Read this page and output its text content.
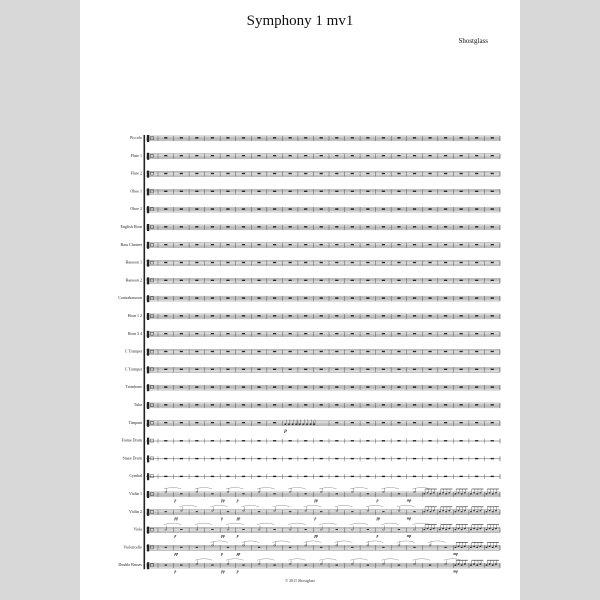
Symphony 1 mv1
Shostglass
Piccolo
Flute 1
Flute 2
Oboe 1
Oboe 2
English Horn
Bass Clarinet
Bassoon 1
Bassoon 2
Contrabassoon
Horn 1 2
Horn 3 4
C Trumpet
C Trumpet
Trombone
Tuba
Timpani
Frame Drum
Snare Drum
Cymbal
Violin 1
Violin 2
Viola
Violoncello
Double Basses
p
p	pp	p	pp	p	mp
pp	p	pp	p	pp	mp
p	pp	p	pp	p	mp
pp	p	pp	mp
p	pp	p	mp
© 2011 Shostglass
